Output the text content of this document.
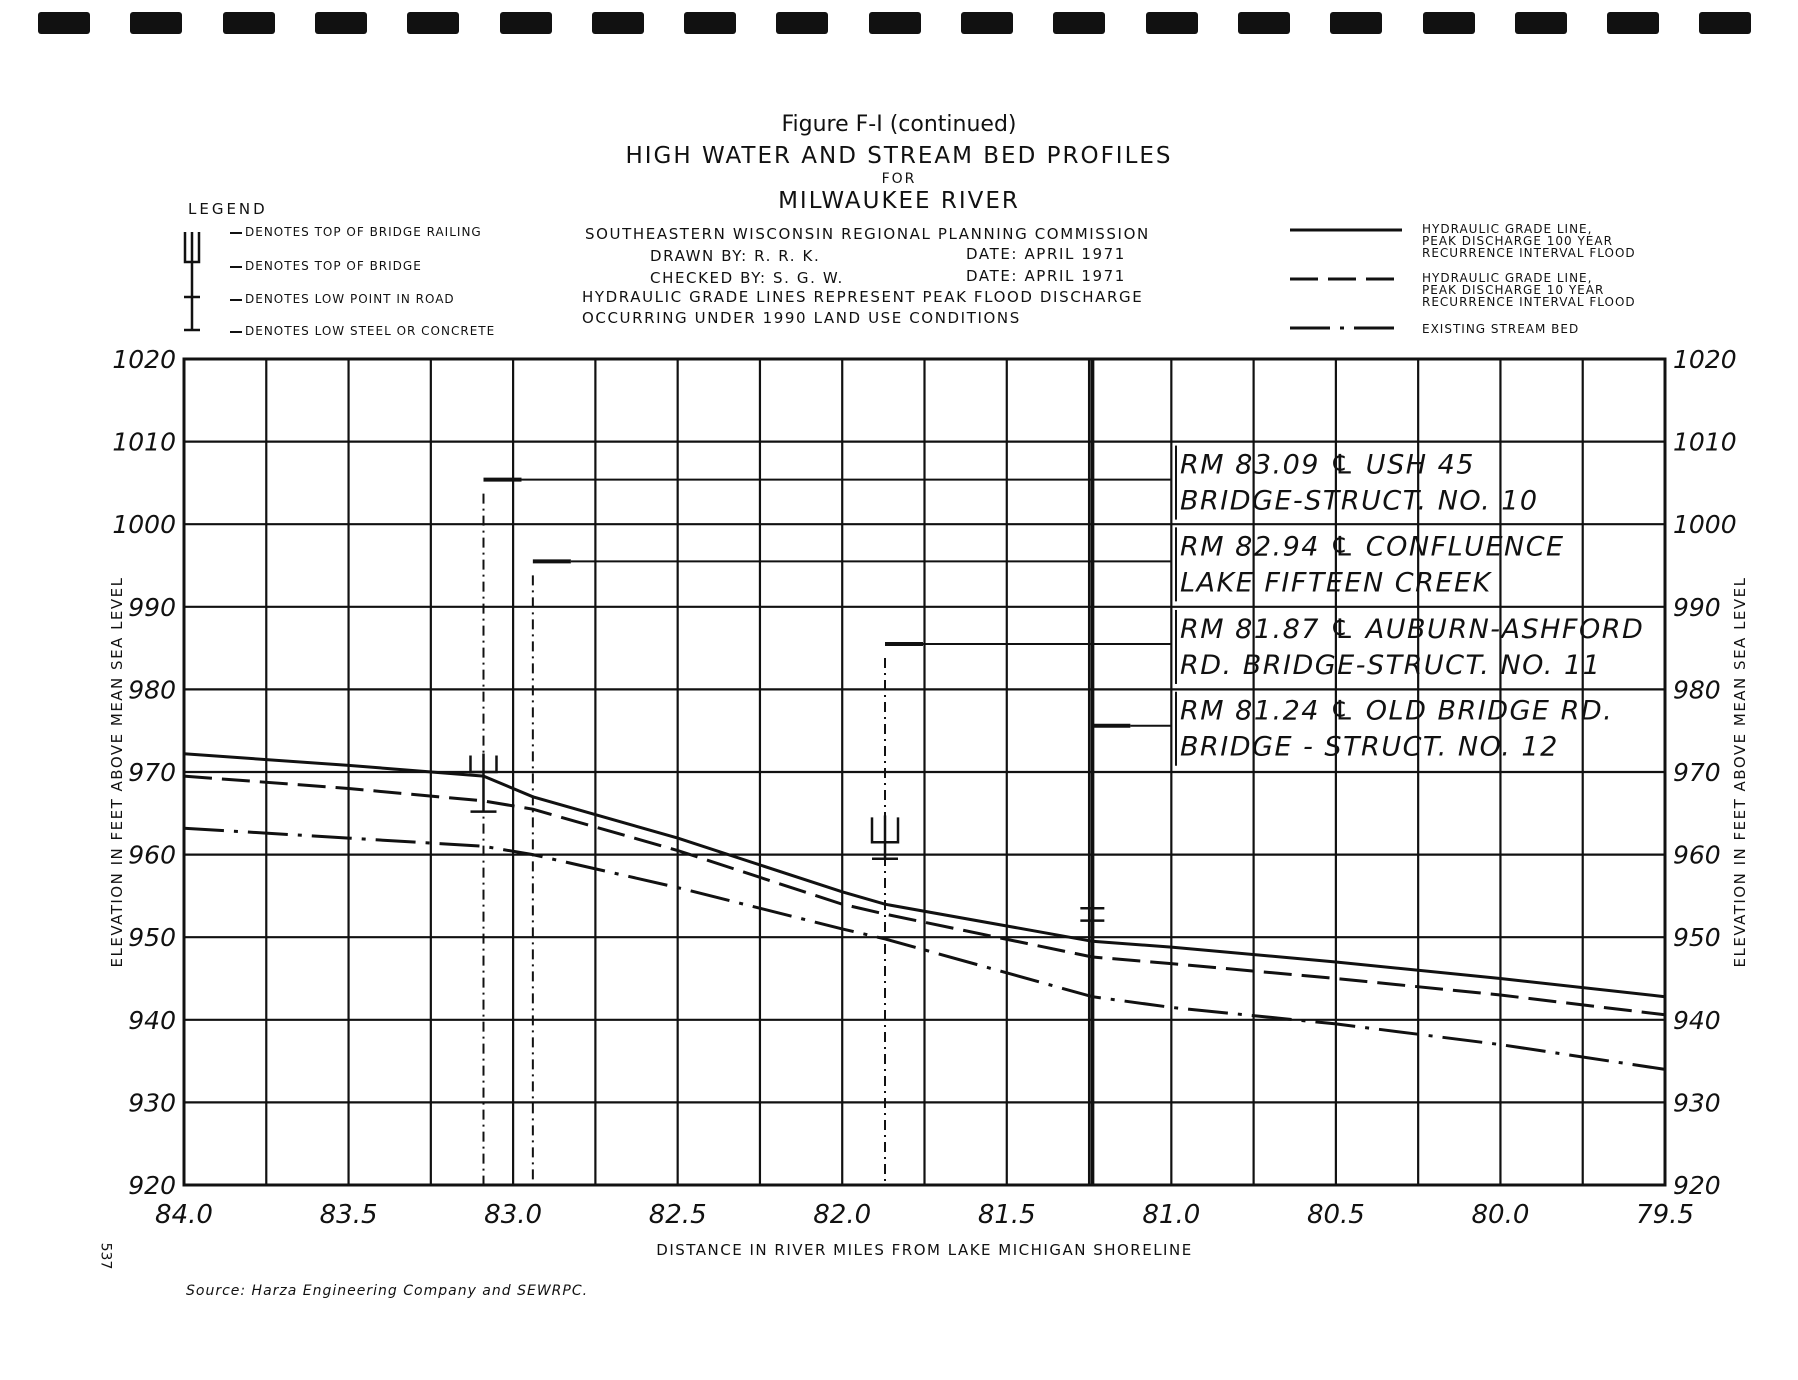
Figure F-I (continued)
HIGH WATER AND STREAM BED PROFILES
FOR
MILWAUKEE RIVER
SOUTHEASTERN WISCONSIN REGIONAL PLANNING COMMISSION
DRAWN BY: R. R. K.	DATE: APRIL 1971
CHECKED BY: S. G. W.	DATE: APRIL 1971
HYDRAULIC GRADE LINES REPRESENT PEAK FLOOD DISCHARGE
OCCURRING UNDER 1990 LAND USE CONDITIONS
LEGEND
DENOTES TOP OF BRIDGE RAILING
DENOTES TOP OF BRIDGE
DENOTES LOW POINT IN ROAD
DENOTES LOW STEEL OR CONCRETE
HYDRAULIC GRADE LINE,
PEAK DISCHARGE 100 YEAR
RECURRENCE INTERVAL FLOOD
HYDRAULIC GRADE LINE,
PEAK DISCHARGE 10 YEAR
RECURRENCE INTERVAL FLOOD
EXISTING STREAM BED
84.0	83.5	83.0	82.5	82.0	81.5	81.0	80.5	80.0	79.5
1020	1020
1010	1010
1000	1000
990	990
980	980
970	970
960	960
950	950
940	940
930	930
920	920
DISTANCE IN RIVER MILES FROM LAKE MICHIGAN SHORELINE
ELEVATION IN FEET ABOVE MEAN SEA LEVEL	ELEVATION IN FEET ABOVE MEAN SEA LEVEL
RM 83.09 ℄ USH 45
BRIDGE-STRUCT. NO. 10
RM 82.94 ℄ CONFLUENCE
LAKE FIFTEEN CREEK
RM 81.87 ℄ AUBURN-ASHFORD
RD. BRIDGE-STRUCT. NO. 11
RM 81.24 ℄ OLD BRIDGE RD.
BRIDGE - STRUCT. NO. 12
Source: Harza Engineering Company and SEWRPC.
537
